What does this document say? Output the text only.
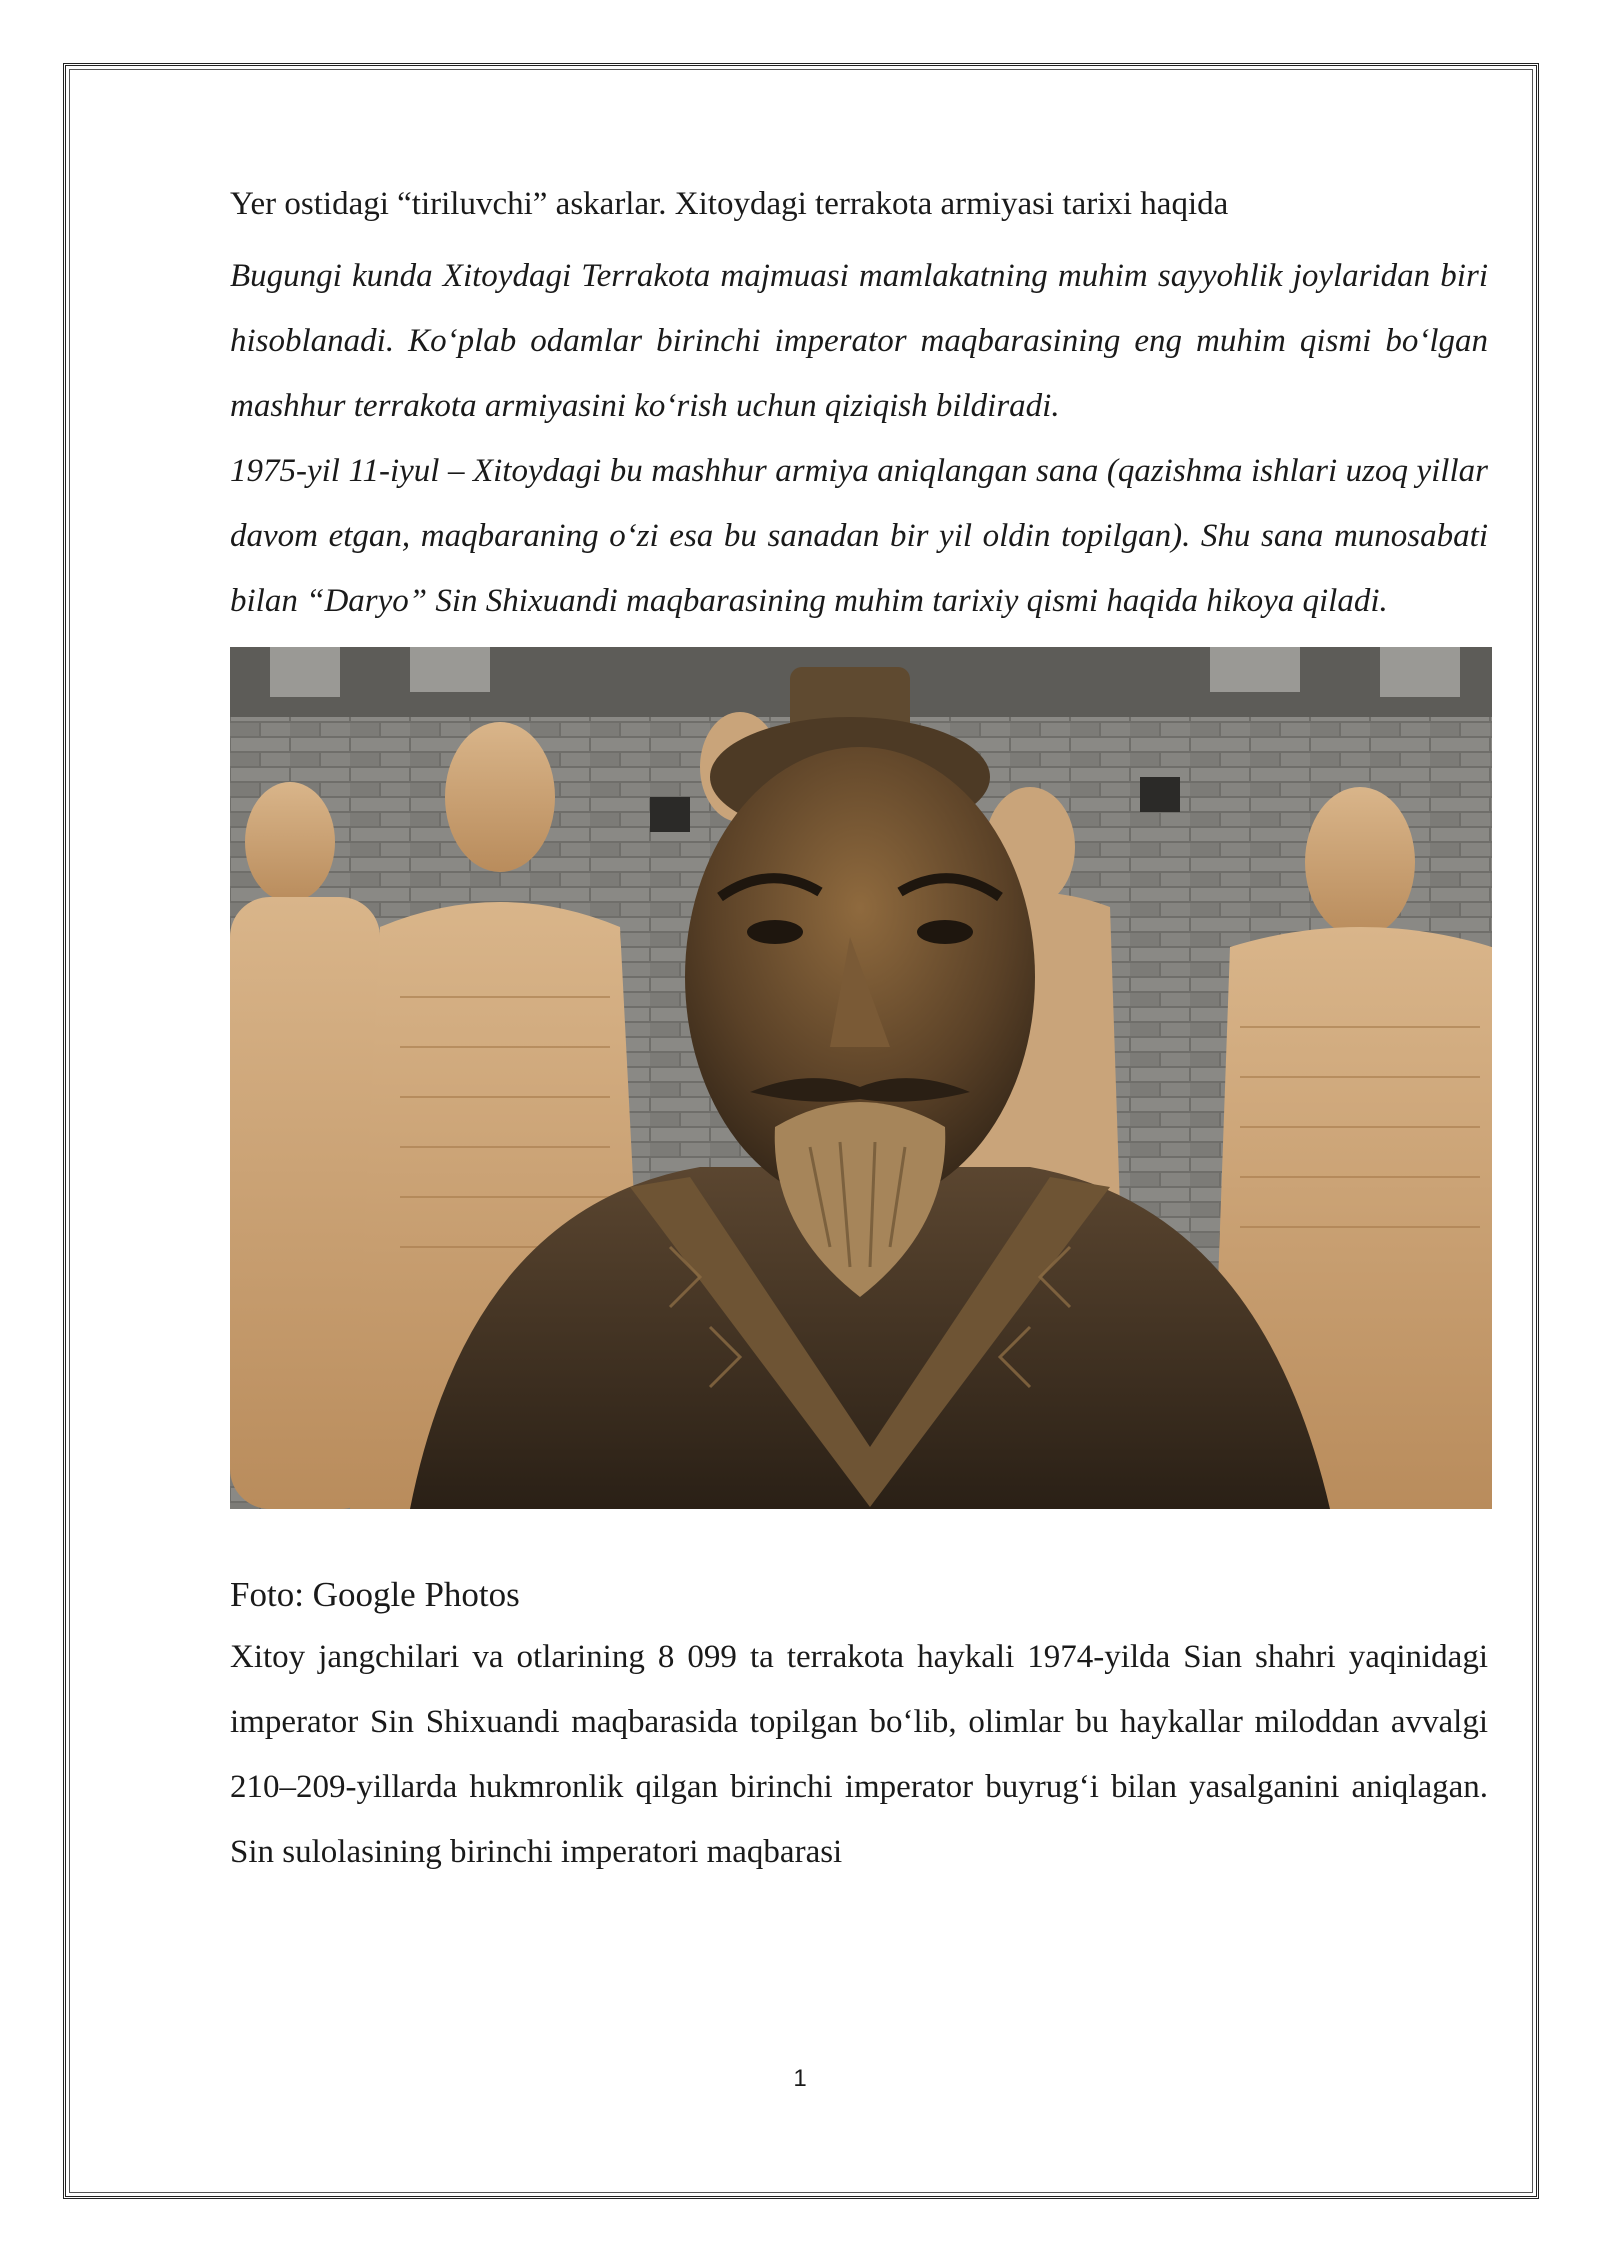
Yer ostidagi “tiriluvchi” askarlar. Xitoydagi terrakota armiyasi tarixi haqida

Bugungi kunda Xitoydagi Terrakota majmuasi mamlakatning muhim sayyohlik joylaridan biri hisoblanadi. Ko‘plab odamlar birinchi imperator maqbarasining eng muhim qismi bo‘lgan mashhur terrakota armiyasini ko‘rish uchun qiziqish bildiradi.

1975-yil 11-iyul – Xitoydagi bu mashhur armiya aniqlangan sana (qazishma ishlari uzoq yillar davom etgan, maqbaraning o‘zi esa bu sanadan bir yil oldin topilgan). Shu sana munosabati bilan “Daryo” Sin Shixuandi maqbarasining muhim tarixiy qismi haqida hikoya qiladi.

Foto: Google Photos

Xitoy jangchilari va otlarining 8 099 ta terrakota haykali 1974-yilda Sian shahri yaqinidagi imperator Sin Shixuandi maqbarasida topilgan bo‘lib, olimlar bu haykallar miloddan avvalgi 210–209-yillarda hukmronlik qilgan birinchi imperator buyrug‘i bilan yasalganini aniqlagan. Sin sulolasining birinchi imperatori maqbarasi

1
